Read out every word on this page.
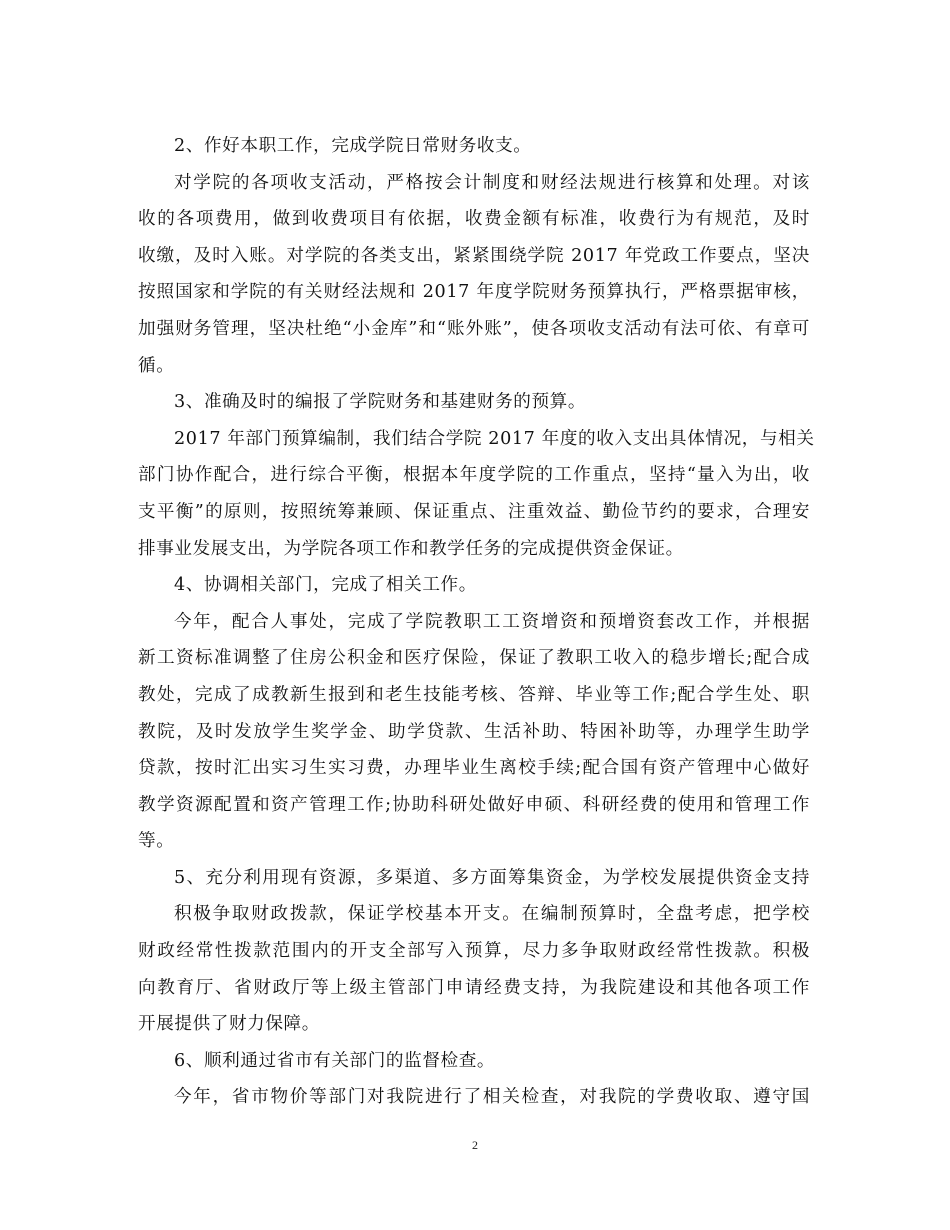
2、作好本职工作，完成学院日常财务收支。
对学院的各项收支活动，严格按会计制度和财经法规进行核算和处理。对该
收的各项费用，做到收费项目有依据，收费金额有标准，收费行为有规范，及时
收缴，及时入账。对学院的各类支出，紧紧围绕学院 2017 年党政工作要点，坚决
按照国家和学院的有关财经法规和 2017 年度学院财务预算执行，严格票据审核，
加强财务管理，坚决杜绝“小金库”和“账外账”，使各项收支活动有法可依、有章可
循。
3、准确及时的编报了学院财务和基建财务的预算。
2017 年部门预算编制，我们结合学院 2017 年度的收入支出具体情况，与相关
部门协作配合，进行综合平衡，根据本年度学院的工作重点，坚持“量入为出，收
支平衡”的原则，按照统筹兼顾、保证重点、注重效益、勤俭节约的要求，合理安
排事业发展支出，为学院各项工作和教学任务的完成提供资金保证。
4、协调相关部门，完成了相关工作。
今年，配合人事处，完成了学院教职工工资增资和预增资套改工作，并根据
新工资标准调整了住房公积金和医疗保险，保证了教职工收入的稳步增长;配合成
教处，完成了成教新生报到和老生技能考核、答辩、毕业等工作;配合学生处、职
教院，及时发放学生奖学金、助学贷款、生活补助、特困补助等，办理学生助学
贷款，按时汇出实习生实习费，办理毕业生离校手续;配合国有资产管理中心做好
教学资源配置和资产管理工作;协助科研处做好申硕、科研经费的使用和管理工作
等。
5、充分利用现有资源，多渠道、多方面筹集资金，为学校发展提供资金支持
积极争取财政拨款，保证学校基本开支。在编制预算时，全盘考虑，把学校
财政经常性拨款范围内的开支全部写入预算，尽力多争取财政经常性拨款。积极
向教育厅、省财政厅等上级主管部门申请经费支持，为我院建设和其他各项工作
开展提供了财力保障。
6、顺利通过省市有关部门的监督检查。
今年，省市物价等部门对我院进行了相关检查，对我院的学费收取、遵守国
2
